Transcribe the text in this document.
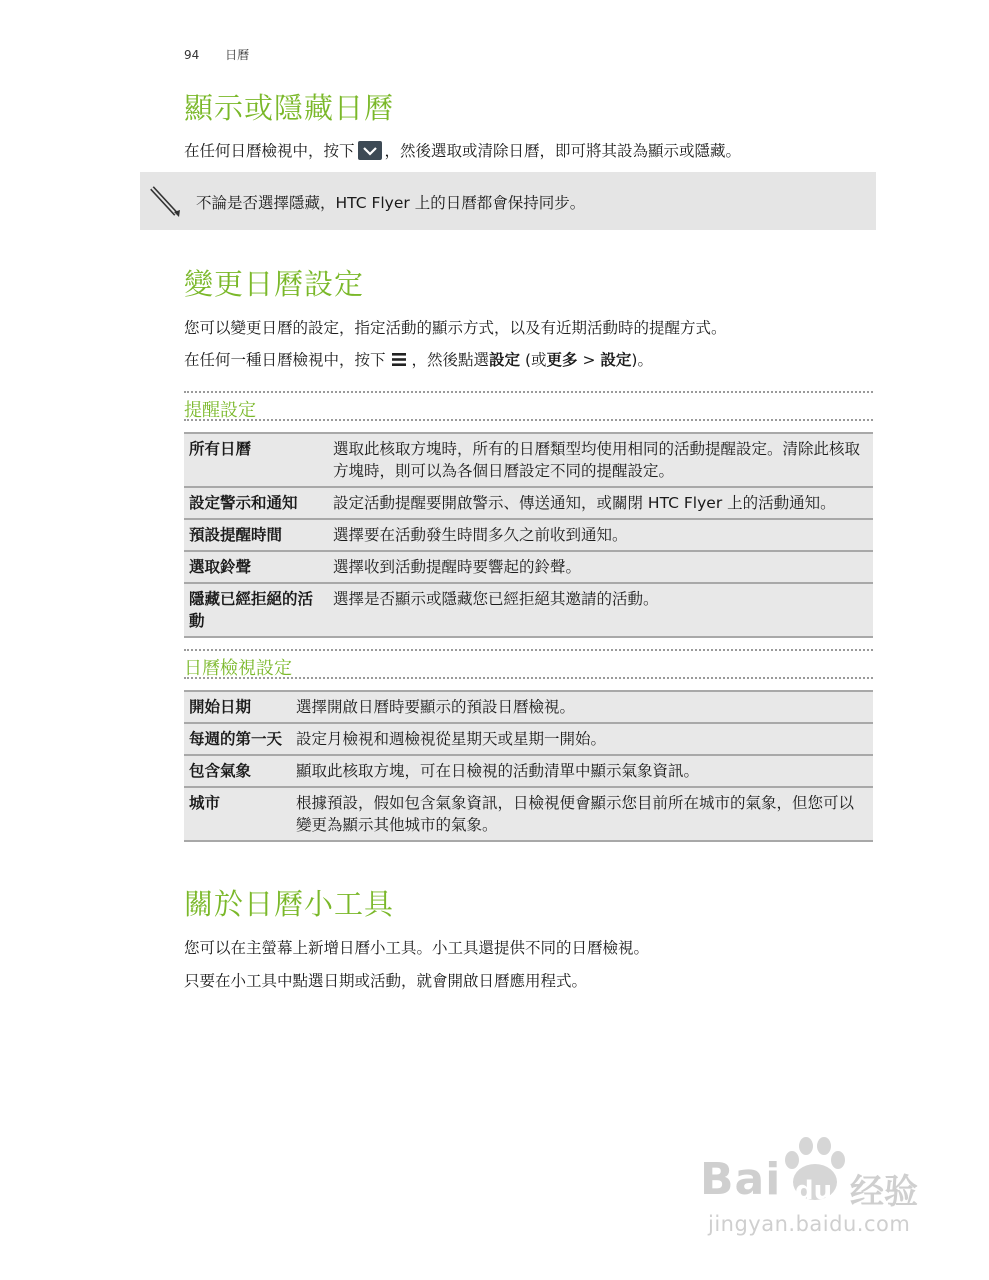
94 日曆
顯示或隱藏日曆

在任何日曆檢視中，按下 ，然後選取或清除日曆，即可將其設為顯示或隱藏。

不論是否選擇隱藏，HTC Flyer 上的日曆都會保持同步。
變更日曆設定

您可以變更日曆的設定，指定活動的顯示方式，以及有近期活動時的提醒方式。

在任何一種日曆檢視中，按下 ，然後點選設定 (或更多 > 設定)。

提醒設定
所有日曆	選取此核取方塊時，所有的日曆類型均使用相同的活動提醒設定。清除此核取方塊時，則可以為各個日曆設定不同的提醒設定。
設定警示和通知	設定活動提醒要開啟警示、傳送通知，或關閉 HTC Flyer 上的活動通知。
預設提醒時間	選擇要在活動發生時間多久之前收到通知。
選取鈴聲	選擇收到活動提醒時要響起的鈴聲。
隱藏已經拒絕的活動	選擇是否顯示或隱藏您已經拒絕其邀請的活動。
日曆檢視設定
開始日期	選擇開啟日曆時要顯示的預設日曆檢視。
每週的第一天	設定月檢視和週檢視從星期天或星期一開始。
包含氣象	顯取此核取方塊，可在日檢視的活動清單中顯示氣象資訊。
城市	根據預設，假如包含氣象資訊，日檢視便會顯示您目前所在城市的氣象，但您可以變更為顯示其他城市的氣象。
關於日曆小工具

您可以在主螢幕上新增日曆小工具。小工具還提供不同的日曆檢視。

只要在小工具中點選日期或活動，就會開啟日曆應用程式。

Bai du 经验
jingyan.baidu.com
